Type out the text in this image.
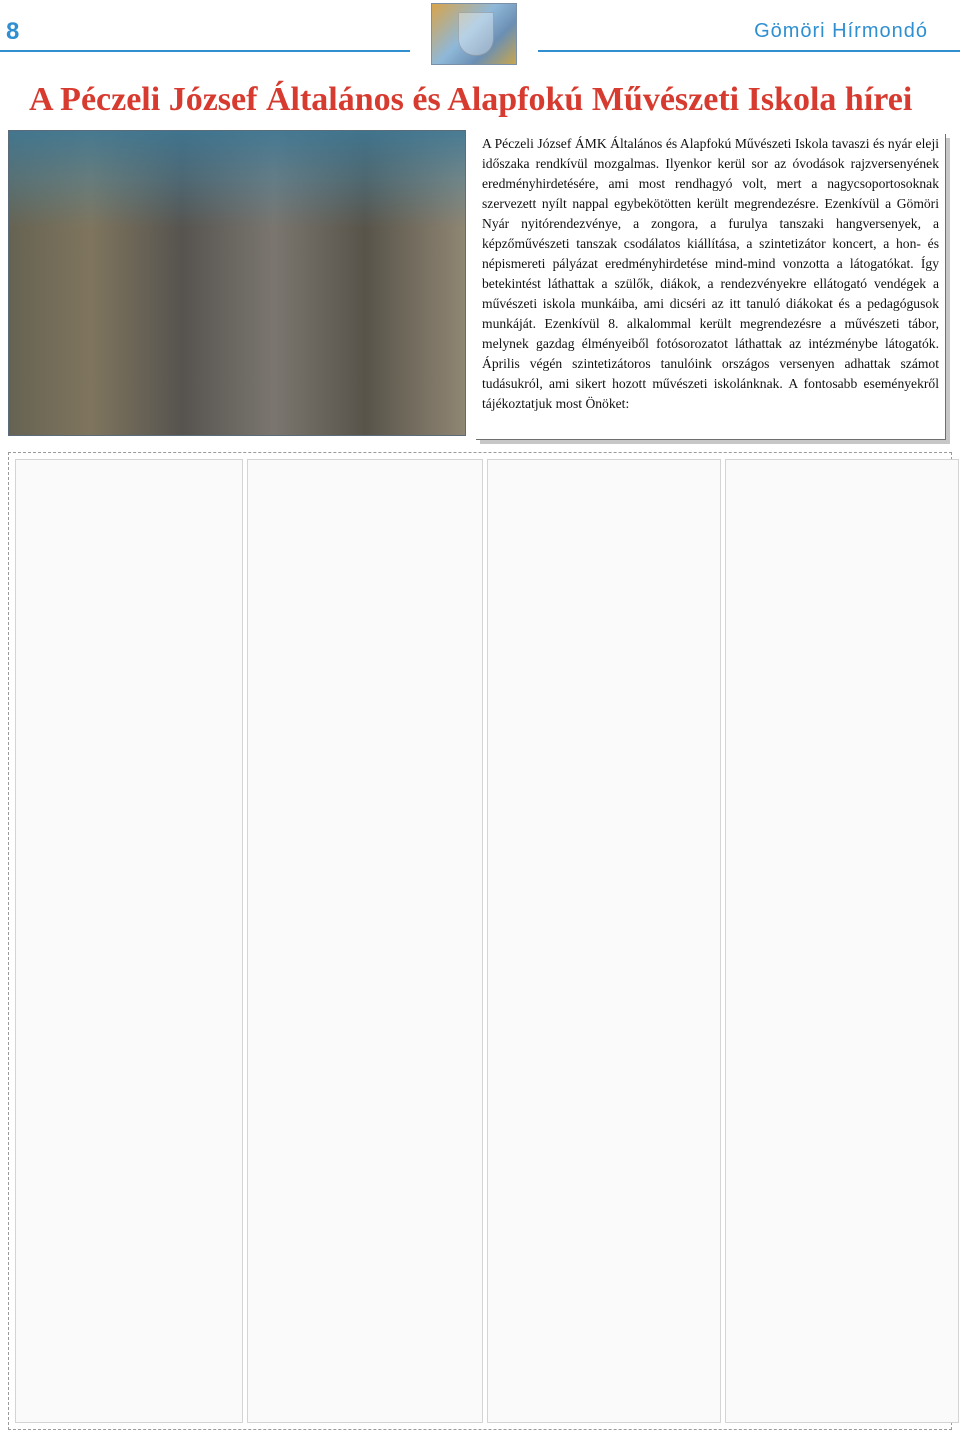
8	Gömöri Hírmondó
A Péczeli József Általános és Alapfokú Művészeti Iskola hírei

A Péczeli József ÁMK Általános és Alapfokú Művészeti Iskola tavaszi és nyár eleji időszaka rendkívül mozgalmas. Ilyenkor kerül sor az óvodások rajzversenyének eredményhirdetésére, ami most rendhagyó volt, mert a nagycsoportosoknak szervezett nyílt nappal egybekötötten került megrendezésre. Ezenkívül a Gömöri Nyár nyitórendezvénye, a zongora, a furulya tanszaki hangversenyek, a képzőművészeti tanszak csodálatos kiállítása, a szintetizátor koncert, a hon- és népismereti pályázat eredményhirdetése mind-mind vonzotta a látogatókat. Így betekintést láthattak a szülők, diákok, a rendezvényekre ellátogató vendégek a művészeti iskola munkáiba, ami dicséri az itt tanuló diákokat és a pedagógusok munkáját. Ezenkívül 8. alkalommal került megrendezésre a művészeti tábor, melynek gazdag élményeiből fotósorozatot láthattak az intézménybe látogatók. Április végén szintetizátoros tanulóink országos versenyen adhattak számot tudásukról, ami sikert hozott művészeti iskolánknak. A fontosabb eseményekről tájékoztatjuk most Önöket:
